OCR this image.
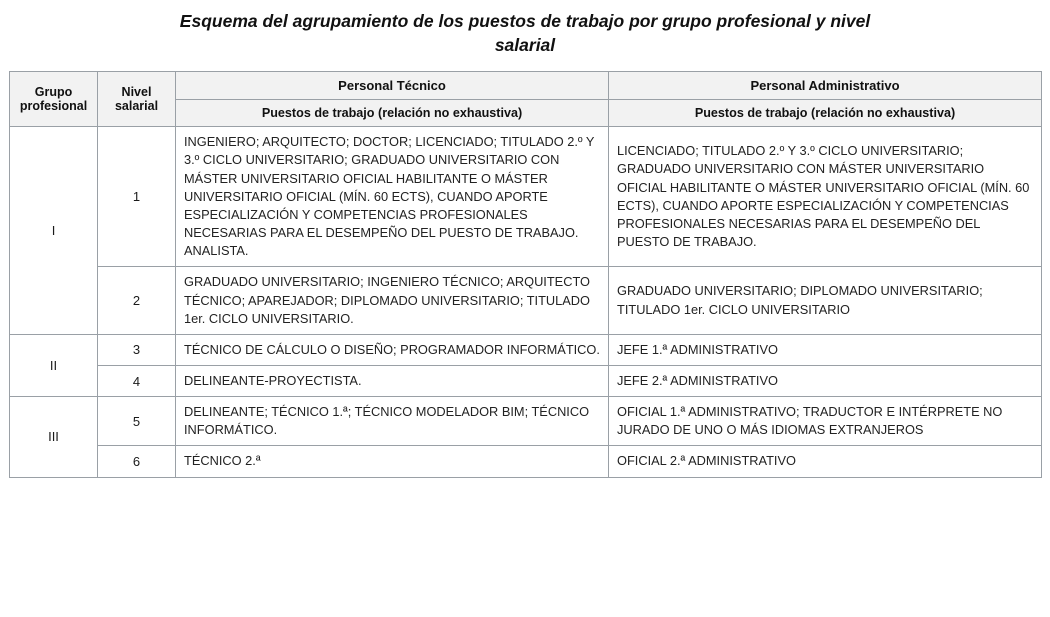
Esquema del agrupamiento de los puestos de trabajo por grupo profesional y nivel salarial
Grupo profesional	Nivel salarial	Personal Técnico	Personal Administrativo
		Puestos de trabajo (relación no exhaustiva)	Puestos de trabajo (relación no exhaustiva)
I	1	INGENIERO; ARQUITECTO; DOCTOR; LICENCIADO; TITULADO 2.º Y 3.º CICLO UNIVERSITARIO; GRADUADO UNIVERSITARIO CON MÁSTER UNIVERSITARIO OFICIAL HABILITANTE O MÁSTER UNIVERSITARIO OFICIAL (MÍN. 60 ECTS), CUANDO APORTE ESPECIALIZACIÓN Y COMPETENCIAS PROFESIONALES NECESARIAS PARA EL DESEMPEÑO DEL PUESTO DE TRABAJO. ANALISTA.	LICENCIADO; TITULADO 2.º Y 3.º CICLO UNIVERSITARIO; GRADUADO UNIVERSITARIO CON MÁSTER UNIVERSITARIO OFICIAL HABILITANTE O MÁSTER UNIVERSITARIO OFICIAL (MÍN. 60 ECTS), CUANDO APORTE ESPECIALIZACIÓN Y COMPETENCIAS PROFESIONALES NECESARIAS PARA EL DESEMPEÑO DEL PUESTO DE TRABAJO.
	2	GRADUADO UNIVERSITARIO; INGENIERO TÉCNICO; ARQUITECTO TÉCNICO; APAREJADOR; DIPLOMADO UNIVERSITARIO; TITULADO 1er. CICLO UNIVERSITARIO.	GRADUADO UNIVERSITARIO; DIPLOMADO UNIVERSITARIO; TITULADO 1er. CICLO UNIVERSITARIO
II	3	TÉCNICO DE CÁLCULO O DISEÑO; PROGRAMADOR INFORMÁTICO.	JEFE 1.ª ADMINISTRATIVO
	4	DELINEANTE-PROYECTISTA.	JEFE 2.ª ADMINISTRATIVO
III	5	DELINEANTE; TÉCNICO 1.ª; TÉCNICO MODELADOR BIM; TÉCNICO INFORMÁTICO.	OFICIAL 1.ª ADMINISTRATIVO; TRADUCTOR E INTÉRPRETE NO JURADO DE UNO O MÁS IDIOMAS EXTRANJEROS
	6	TÉCNICO 2.ª	OFICIAL 2.ª ADMINISTRATIVO
